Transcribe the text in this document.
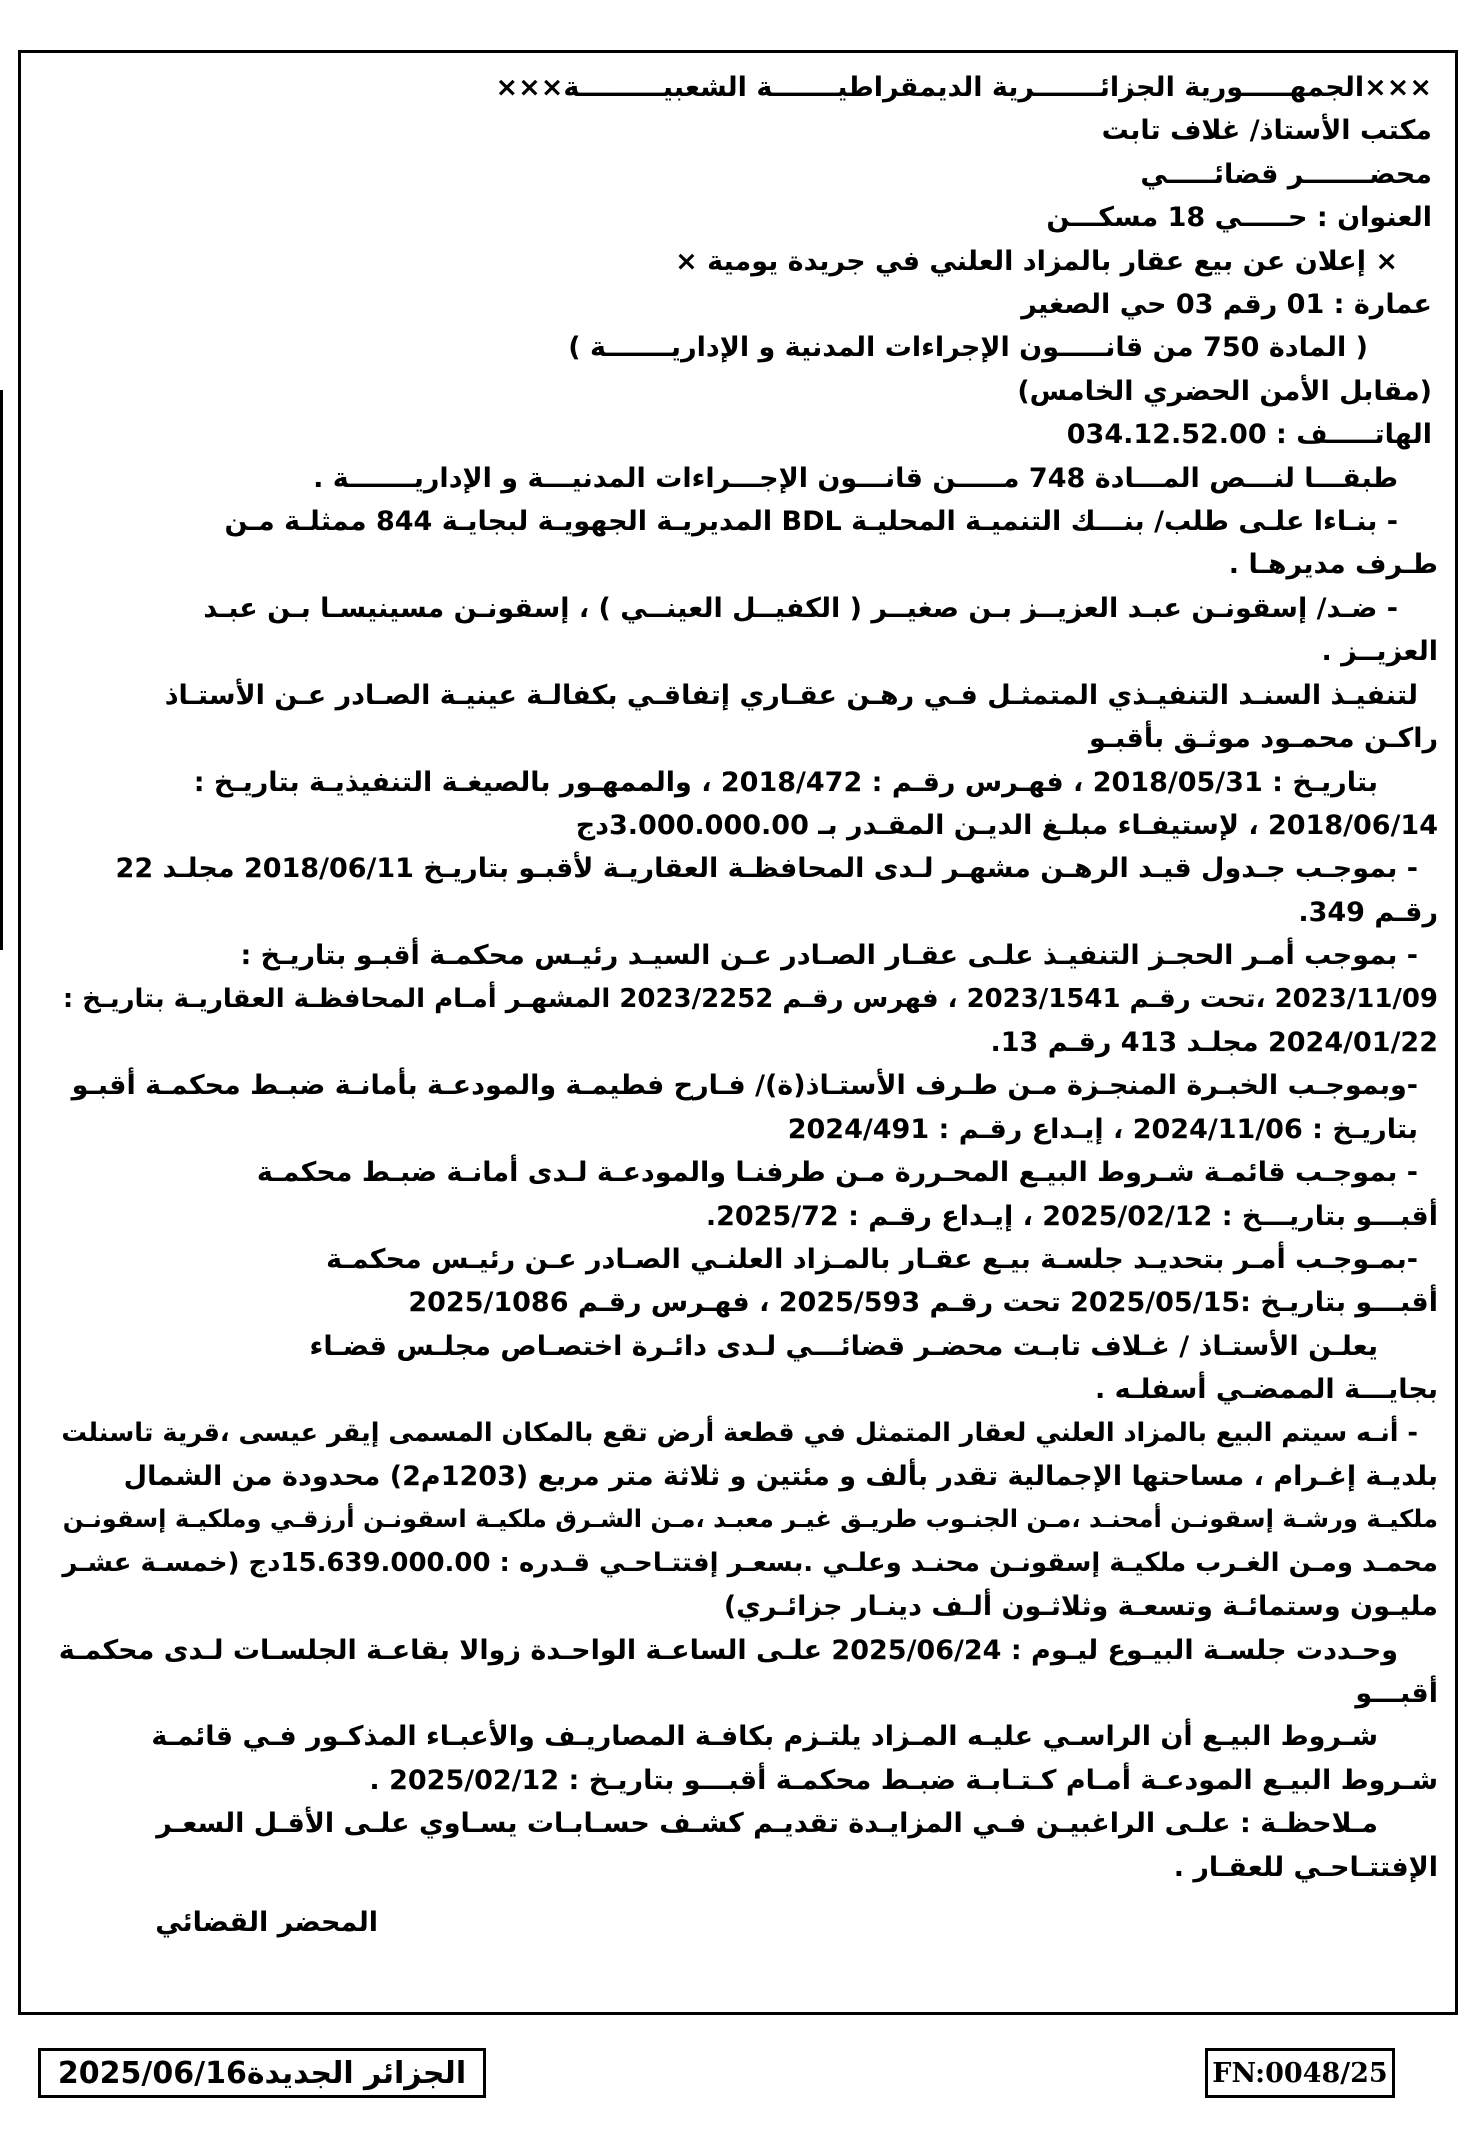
×××الجمهـــــورية الجزائـــــــرية الديمقراطيـــــــة الشعبيـــــــــة×××
مكتب الأستاذ/ غلاف تابت
محضـــــــر قضائـــــي
العنوان : حـــــي 18 مسكـــن
× إعلان عن بيع عقار بالمزاد العلني في جريدة يومية ×
عمارة : 01 رقم 03 حي الصغير
( المادة 750 من قانـــــون الإجراءات المدنية و الإداريـــــــة )
(مقابل الأمن الحضري الخامس)
الهاتـــــف : 034.12.52.00
طبقـــا لنـــص المـــادة 748 مـــــن قانـــون الإجـــراءات المدنيـــة و الإداريـــــــة .
- بنـاءا علـى طلب/ بنـــك التنميـة المحليـة BDL المديريـة الجهويـة لبجايـة 844 ممثلـة مـن
طـرف مديرهـا .
- ضـد/ إسقونـن عبـد العزيــز بـن صغيــر ( الكفيــل العينــي ) ، إسقونـن مسينيسـا بـن عبـد
العزيــز .
لتنفيـذ السنـد التنفيـذي المتمثـل فـي رهـن عقـاري إتفاقـي بكفالـة عينيـة الصـادر عـن الأستـاذ
راكـن محمـود موثـق بأقبـو
بتاريـخ : 2018/05/31 ، فهـرس رقـم : 2018/472 ، والممهـور بالصيغـة التنفيذيـة بتاريـخ :
2018/06/14 ، لإستيفـاء مبلـغ الديـن المقـدر بـ 3.000.000.00دج
- بموجـب جـدول قيـد الرهـن مشهـر لـدى المحافظـة العقاريـة لأقبـو بتاريـخ 2018/06/11 مجلـد 22
رقـم 349.
- بموجب أمـر الحجـز التنفيـذ علـى عقـار الصـادر عـن السيـد رئيـس محكمـة أقبـو بتاريـخ :
2023/11/09 ،تحت رقـم 2023/1541 ، فهرس رقـم 2023/2252 المشهـر أمـام المحافظـة العقاريـة بتاريـخ :
2024/01/22 مجلـد 413 رقـم 13.
-وبموجـب الخبـرة المنجـزة مـن طـرف الأستـاذ(ة)/ فـارح فطيمـة والمودعـة بأمانـة ضبـط محكمـة أقبـو
بتاريـخ : 2024/11/06 ، إيـداع رقـم : 2024/491
- بموجـب قائمـة شـروط البيـع المحـررة مـن طرفنـا والمودعـة لـدى أمانـة ضبـط محكمـة
أقبـــو بتاريـــخ : 2025/02/12 ، إيـداع رقـم : 2025/72.
-بمـوجـب أمـر بتحديـد جلسـة بيـع عقـار بالمـزاد العلنـي الصـادر عـن رئيـس محكمـة
أقبـــو بتاريـخ :2025/05/15 تحت رقـم 2025/593 ، فهـرس رقـم 2025/1086
يعلـن الأستـاذ / غـلاف تابـت محضـر قضائـــي لـدى دائـرة اختصـاص مجلـس قضـاء
بجايـــة الممضـي أسفلـه .
- أنـه سيتم البيع بالمزاد العلني لعقار المتمثل في قطعة أرض تقع بالمكان المسمى إيقر عيسى ،قرية تاسنلت
بلديـة إغـرام ، مساحتها الإجمالية تقدر بألف و مئتين و ثلاثة متر مربع (1203م2) محدودة من الشمال
ملكيـة ورشـة إسقونـن أمحنـد ،مـن الجنـوب طريـق غيـر معبـد ،مـن الشـرق ملكيـة اسقونـن أرزقـي وملكيـة إسقونـن
محمـد ومـن الغـرب ملكيـة إسقونـن محنـد وعلـي .بسعـر إفتتـاحـي قـدره : 15.639.000.00دج (خمسـة عشـر
مليـون وستمائـة وتسعـة وثلاثـون ألـف دينـار جزائـري)
وحـددت جلسـة البيـوع ليـوم : 2025/06/24 علـى الساعـة الواحـدة زوالا بقاعـة الجلسـات لـدى محكمـة
أقبـــو
شـروط البيـع أن الراسـي عليـه المـزاد يلتـزم بكافـة المصاريـف والأعبـاء المذكـور فـي قائمـة
شـروط البيـع المودعـة أمـام كـتـابـة ضبـط محكمـة أقبـــو بتاريـخ : 2025/02/12 .
مـلاحظـة : علـى الراغبيـن فـي المزايـدة تقديـم كشـف حسـابـات يسـاوي علـى الأقـل السعـر
الإفتتـاحـي للعقـار .
المحضر القضائي
الجزائر الجديدة2025/06/16	FN:0048/25
